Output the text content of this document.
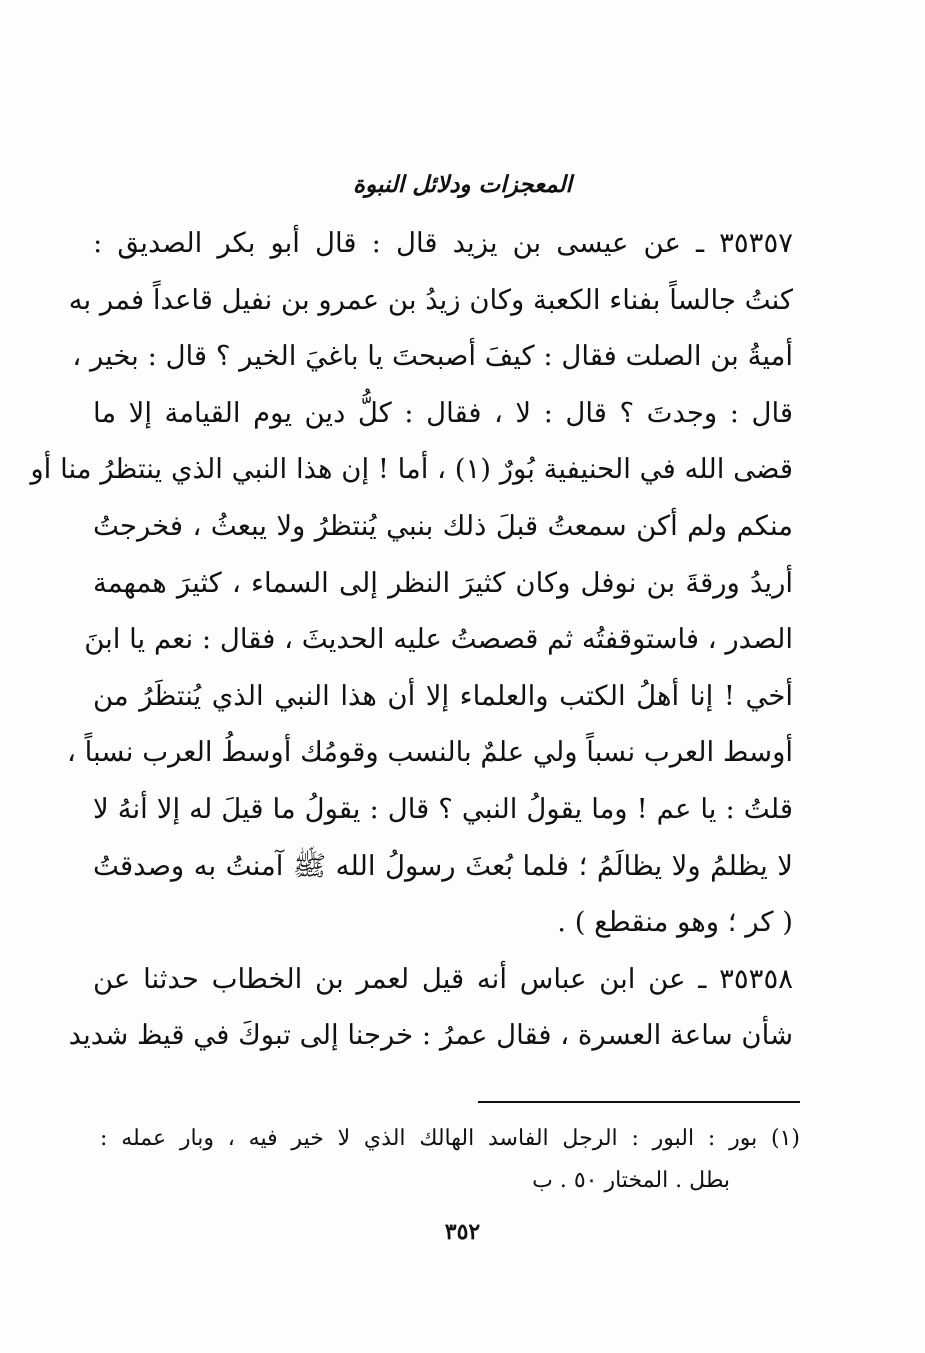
المعجزات ودلائل النبوة
٣٥٣٥٧ ـ عن عيسى بن يزيد قال : قال أبو بكر الصديق :
كنتُ جالساً بفناء الكعبة وكان زيدُ بن عمرو بن نفيل قاعداً فمر به
أميةُ بن الصلت فقال : كيفَ أصبحتَ يا باغيَ الخير ؟ قال : بخير ،
قال : وجدتَ ؟ قال : لا ، فقال : كلُّ دين يوم القيامة إلا ما
قضى الله في الحنيفية بُورٌ (١) ، أما ! إن هذا النبي الذي ينتظرُ منا أو
منكم ولم أكن سمعتُ قبلَ ذلك بنبي يُنتظرُ ولا يبعثُ ، فخرجتُ
أريدُ ورقةَ بن نوفل وكان كثيرَ النظر إلى السماء ، كثيرَ همهمة
الصدر ، فاستوقفتُه ثم قصصتُ عليه الحديثَ ، فقال : نعم يا ابنَ
أخي ! إنا أهلُ الكتب والعلماء إلا أن هذا النبي الذي يُنتظَرُ من
أوسط العرب نسباً ولي علمٌ بالنسب وقومُك أوسطُ العرب نسباً ،
قلتُ : يا عم ! وما يقولُ النبي ؟ قال : يقولُ ما قيلَ له إلا أنهُ لا
لا يظلمُ ولا يظالَمُ ؛ فلما بُعثَ رسولُ الله ﷺ آمنتُ به وصدقتُ
( كر ؛ وهو منقطع ) .
٣٥٣٥٨ ـ عن ابن عباس أنه قيل لعمر بن الخطاب حدثنا عن
شأن ساعة العسرة ، فقال عمرُ : خرجنا إلى تبوكَ في قيظ شديد
(١) بور : البور : الرجل الفاسد الهالك الذي لا خير فيه ، وبار عمله :
بطل . المختار ٥٠ . ب
٣٥٢
